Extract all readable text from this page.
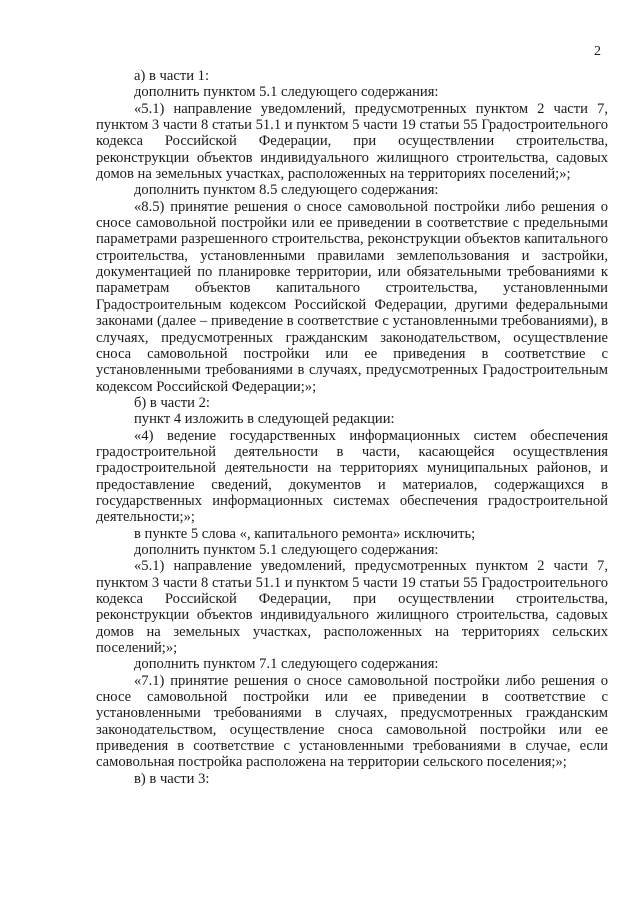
2

а) в части 1:

дополнить пунктом 5.1 следующего содержания:

«5.1) направление уведомлений, предусмотренных пунктом 2 части 7, пунктом 3 части 8 статьи 51.1 и пунктом 5 части 19 статьи 55 Градостроительного кодекса Российской Федерации, при осуществлении строительства, реконструкции объектов индивидуального жилищного строительства, садовых домов на земельных участках, расположенных на территориях поселений;»;

дополнить пунктом 8.5 следующего содержания:

«8.5) принятие решения о сносе самовольной постройки либо решения о сносе самовольной постройки или ее приведении в соответствие с предельными параметрами разрешенного строительства, реконструкции объектов капитального строительства, установленными правилами землепользования и застройки, документацией по планировке территории, или обязательными требованиями к параметрам объектов капитального строительства, установленными Градостроительным кодексом Российской Федерации, другими федеральными законами (далее – приведение в соответствие с установленными требованиями), в случаях, предусмотренных гражданским законодательством, осуществление сноса самовольной постройки или ее приведения в соответствие с установленными требованиями в случаях, предусмотренных Градостроительным кодексом Российской Федерации;»;

б) в части 2:

пункт 4 изложить в следующей редакции:

«4) ведение государственных информационных систем обеспечения градостроительной деятельности в части, касающейся осуществления градостроительной деятельности на территориях муниципальных районов, и предоставление сведений, документов и материалов, содержащихся в государственных информационных системах обеспечения градостроительной деятельности;»;

в пункте 5 слова «, капитального ремонта» исключить;

дополнить пунктом 5.1 следующего содержания:

«5.1) направление уведомлений, предусмотренных пунктом 2 части 7, пунктом 3 части 8 статьи 51.1 и пунктом 5 части 19 статьи 55 Градостроительного кодекса Российской Федерации, при осуществлении строительства, реконструкции объектов индивидуального жилищного строительства, садовых домов на земельных участках, расположенных на территориях сельских поселений;»;

дополнить пунктом 7.1 следующего содержания:

«7.1) принятие решения о сносе самовольной постройки либо решения о сносе самовольной постройки или ее приведении в соответствие с установленными требованиями в случаях, предусмотренных гражданским законодательством, осуществление сноса самовольной постройки или ее приведения в соответствие с установленными требованиями в случае, если самовольная постройка расположена на территории сельского поселения;»;

в) в части 3:
